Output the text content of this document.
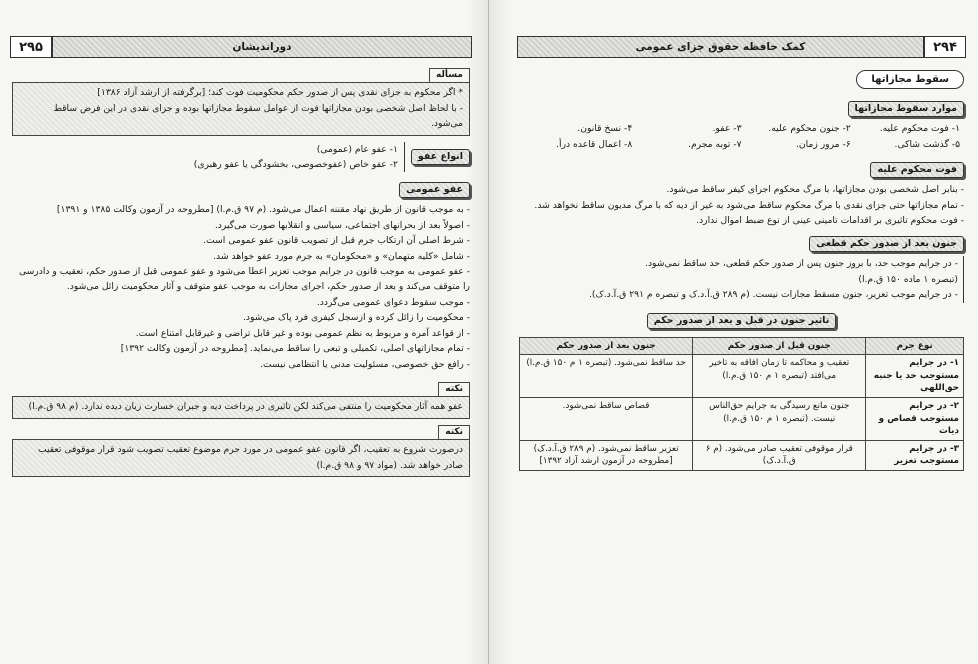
۲۹۵	دوراندیشان
مسأله

* اگر محکوم به جزای نقدی پس از صدور حکم محکومیت فوت کند؛ [برگرفته از ارشد آزاد ۱۳۸۶]

- با لحاظ اصل شخصی بودن مجازاتها فوت از عوامل سقوط مجازاتها بوده و جزای نقدی در این فرض ساقط می‌شود.

انواع عفو

۱- عفو عام (عمومی)

۲- عفو خاص (عفوخصوصی، بخشودگی یا عفو رهبری)

عفو عمومی

- به موجب قانون از طریق نهاد مقننه اعمال می‌شود. (م ۹۷ ق.م.ا) [مطروحه در آزمون وکالت ۱۳۸۵ و ۱۳۹۱]

- اصولاً بعد از بحرانهای اجتماعی، سیاسی و انقلابها صورت می‌گیرد.

- شرط اصلی آن ارتکاب جرم قبل از تصویب قانون عفو عمومی است.

- شامل «کلیه متهمان» و «محکومان» به جرم مورد عفو خواهد شد.

- عفو عمومی به موجب قانون در جرایم موجب تعزیر اعطا می‌شود و عفو عمومی قبل از صدور حکم، تعقیب و دادرسی را متوقف می‌کند و بعد از صدور حکم، اجرای مجازات به موجب عفو متوقف و آثار محکومیت زائل می‌شود.

- موجب سقوط دعوای عمومی می‌گردد.

- محکومیت را زائل کرده و ازسجل کیفری فرد پاک می‌شود.

- از قواعد آمره و مربوط به نظم عمومی بوده و غیر قابل تراضی و غیرقابل امتناع است.

- تمام مجازاتهای اصلی، تکمیلی و تبعی را ساقط می‌نماید. [مطروحه در آزمون وکالت ۱۳۹۲]

- رافع حق خصوصی، مسئولیت مدنی یا انتظامی نیست.

نکته

عفو همه آثار محکومیت را منتفی می‌کند لکن تاثیری در پرداخت دیه و جبران خسارت زیان دیده ندارد. (م ۹۸ ق.م.ا)

نکته

درصورت شروع به تعقیب، اگر قانون عفو عمومی در مورد جرم موضوع تعقیب تصویب شود قرار موقوفی تعقیب صادر خواهد شد. (مواد ۹۷ و ۹۸ ق.م.ا)

۲۹۴
کمک حافظه حقوق جزای عمومی
سقوط مجازاتها
موارد سقوط مجازاتها
۱- فوت محکوم علیه.
۲- جنون محکوم علیه.
۳- عفو.
۴- نسخ قانون.
۵- گذشت شاکی.
۶- مرور زمان.
۷- توبه مجرم.
۸- اعمال قاعده درأ.
فوت محکوم علیه

- بنابر اصل شخصی بودن مجازاتها، با مرگ محکوم اجرای کیفر ساقط می‌شود.

- تمام مجازاتها حتی جزای نقدی با مرگ محکوم ساقط می‌شود به غیر از دیه که با مرگ مدیون ساقط نخواهد شد.

- فوت محکوم تاثیری بر اقدامات تامینی عینی از نوع ضبط اموال ندارد.

جنون بعد از صدور حکم قطعی

- در جرایم موجب حد، با بروز جنون پس از صدور حکم قطعی، حد ساقط نمی‌شود.

(تبصره ۱ ماده ۱۵۰ ق.م.ا)

- در جرایم موجب تعزیر، جنون مسقط مجازات نیست. (م ۲۸۹ ق.آ.د.ک و تبصره م ۲۹۱ ق.آ.د.ک).

تاثیر جنون در قبل و بعد از صدور حکم
نوع جرم	جنون قبل از صدور حکم	جنون بعد از صدور حکم
۱- در جرایم مستوجب حد یا جنبه حق‌اللهی	تعقیب و محاکمه تا زمان افاقه به تاخیر می‌افتد (تبصره ۱ م ۱۵۰ ق.م.ا)	حد ساقط نمی‌شود. (تبصره ۱ م ۱۵۰ ق.م.ا)
۲- در جرایم مستوجب قصاص و دیات	جنون مانع رسیدگی به جرایم حق‌الناس نیست. (تبصره ۱ م ۱۵۰ ق.م.ا)	قصاص ساقط نمی‌شود.
۳- در جرایم مستوجب تعزیر	قرار موقوفی تعقیب صادر می‌شود. (م ۶ ق.آ.د.ک)	تعزیر ساقط نمی‌شود. (م ۲۸۹ ق.آ.د.ک) [مطروحه در آزمون ارشد آزاد ۱۳۹۲]
